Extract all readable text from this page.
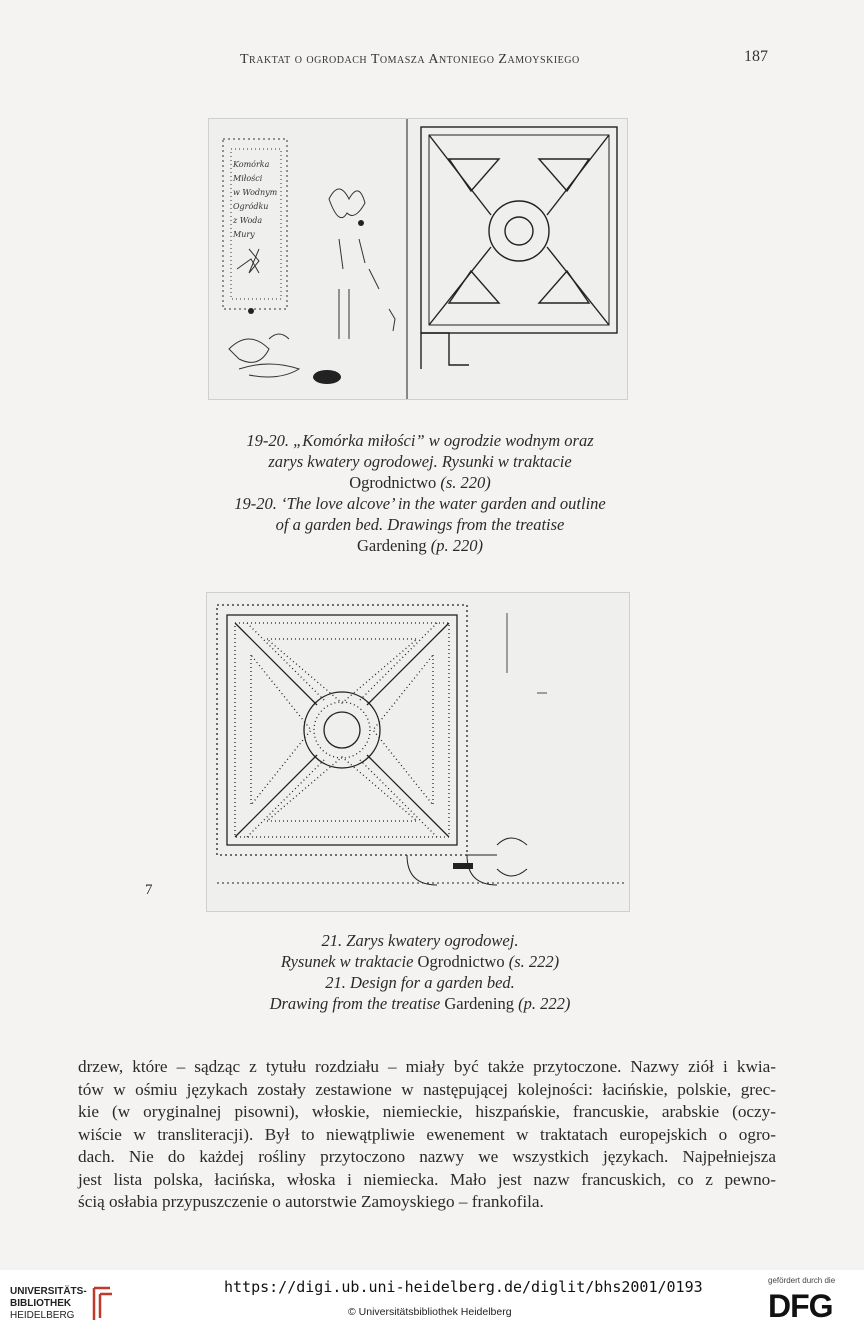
Traktat o ogrodach Tomasza Antoniego Zamoyskiego	187
Komórka
Miłości
w Wodnym
Ogródku
z Woda
Mury
19-20. „Komórka miłości” w ogrodzie wodnym oraz
zarys kwatery ogrodowej. Rysunki w traktacie
Ogrodnictwo (s. 220)
19-20. ‘The love alcove’ in the water garden and outline
of a garden bed. Drawings from the treatise
Gardening (p. 220)
7
21. Zarys kwatery ogrodowej.
Rysunek w traktacie Ogrodnictwo (s. 222)
21. Design for a garden bed.
Drawing from the treatise Gardening (p. 222)
drzew, które – sądząc z tytułu rozdziału – miały być także przytoczone. Nazwy ziół i kwia-
tów w ośmiu językach zostały zestawione w następującej kolejności: łacińskie, polskie, grec-
kie (w oryginalnej pisowni), włoskie, niemieckie, hiszpańskie, francuskie, arabskie (oczy-
wiście w transliteracji). Był to niewątpliwie ewenement w traktatach europejskich o ogro-
dach. Nie do każdej rośliny przytoczono nazwy we wszystkich językach. Najpełniejsza
jest lista polska, łacińska, włoska i niemiecka. Mało jest nazw francuskich, co z pewno-
ścią osłabia przypuszczenie o autorstwie Zamoyskiego – frankofila.
UNIVERSITÄTS-
BIBLIOTHEK
HEIDELBERG
https://digi.ub.uni-heidelberg.de/diglit/bhs2001/0193
© Universitätsbibliothek Heidelberg
gefördert durch die
DFG
